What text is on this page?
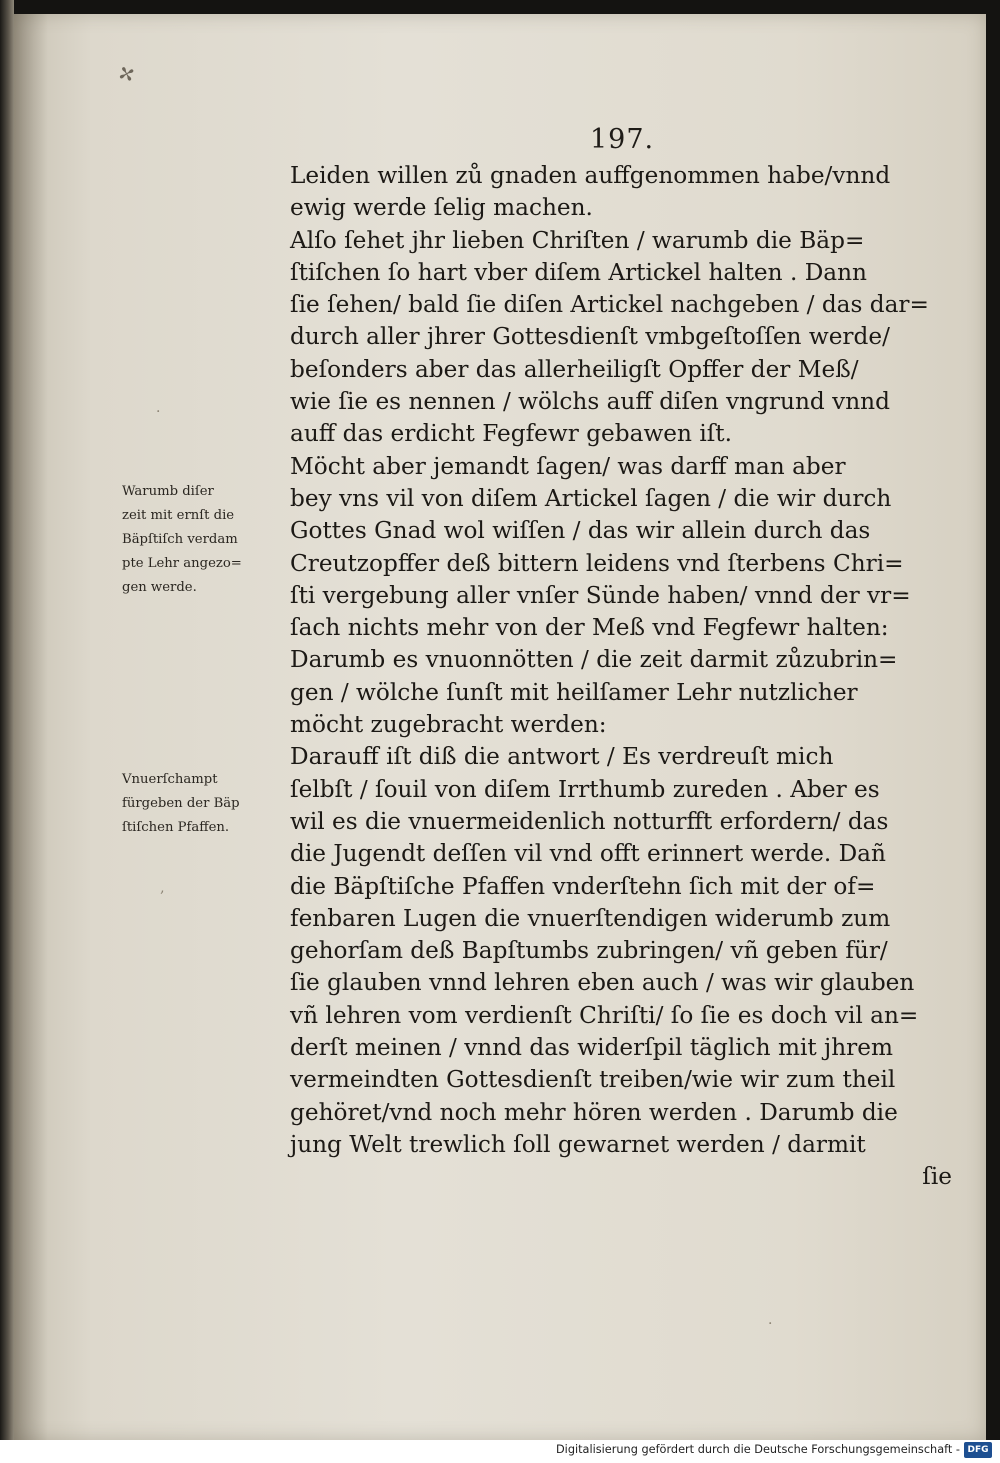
✢
·
‚
·
197.
Leiden willen zů gnaden auffgenommen habe/vnnd
ewig werde ſelig machen.
Alſo ſehet jhr lieben Chriſten / warumb die Bäp=
ſtiſchen ſo hart vber diſem Artickel halten . Dann
ſie ſehen/ bald ſie diſen Artickel nachgeben / das dar=
durch aller jhrer Gottesdienſt vmbgeſtoſſen werde/
beſonders aber das allerheiligſt Opffer der Meß/
wie ſie es nennen / wölchs auff diſen vngrund vnnd
auff das erdicht Fegfewr gebawen iſt.
Möcht aber jemandt ſagen/ was darff man aber
bey vns vil von diſem Artickel ſagen / die wir durch
Gottes Gnad wol wiſſen / das wir allein durch das
Creutzopffer deß bittern leidens vnd ſterbens Chri=
ſti vergebung aller vnſer Sünde haben/ vnnd der vr=
ſach nichts mehr von der Meß vnd Fegfewr halten:
Darumb es vnuonnötten / die zeit darmit zůzubrin=
gen / wölche ſunſt mit heilſamer Lehr nutzlicher
möcht zugebracht werden:
Darauff iſt diß die antwort / Es verdreuſt mich
ſelbſt / ſouil von diſem Irrthumb zureden . Aber es
wil es die vnuermeidenlich notturfft erfordern/ das
die Jugendt deſſen vil vnd offt erinnert werde. Dañ
die Bäpſtiſche Pfaffen vnderſtehn ſich mit der of=
fenbaren Lugen die vnuerſtendigen widerumb zum
gehorſam deß Bapſtumbs zubringen/ vñ geben für/
ſie glauben vnnd lehren eben auch / was wir glauben
vñ lehren vom verdienſt Chriſti/ ſo ſie es doch vil an=
derſt meinen / vnnd das widerſpil täglich mit jhrem
vermeindten Gottesdienſt treiben/wie wir zum theil
gehöret/vnd noch mehr hören werden . Darumb die
jung Welt trewlich ſoll gewarnet werden / darmit
ſie
Warumb diſer
zeit mit ernſt die
Bäpſtiſch verdam
pte Lehr angezo=
gen werde.
Vnuerſchampt
fürgeben der Bäp
ſtiſchen Pfaffen.
Digitalisierung gefördert durch die Deutsche Forschungsgemeinschaft - DFG
